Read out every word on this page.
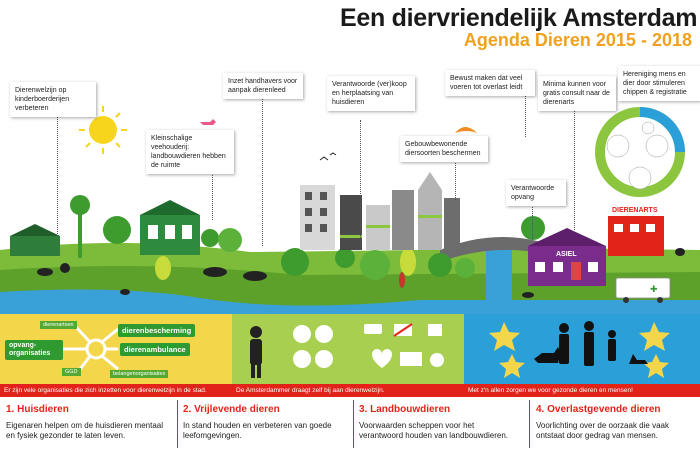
Een diervriendelijk Amsterdam
Agenda Dieren 2015 - 2018
ASIEL
DIERENARTS
✚
Dierenwelzijn op kinderboerderijen verbeteren
Kleinschalige veehouderij: landbouwdieren hebben de ruimte
Inzet handhavers voor aanpak dierenleed
Verantwoorde (ver)koop en herplaatsing van huisdieren
Gebouwbewonende diersoorten beschermen
Bewust maken dat veel voeren tot overlast leidt
Verantwoorde opvang
Minima kunnen voor gratis consult naar de dierenarts
Hereniging mens en dier door stimuleren chippen & registratie
dierenartsen
opvang-organisaties
dierenbescherming
dierenambulance
GGD	belangenorganisaties
Er zijn vele organisaties die zich inzetten voor dierenwelzijn in de stad.	De Amsterdammer draagt zelf bij aan dierenwelzijn.	Met z'n allen zorgen we voor gezonde dieren en mensen!
1. Huisdieren
Eigenaren helpen om de huisdieren mentaal en fysiek gezonder te laten leven.
2. Vrijlevende dieren
In stand houden en verbeteren van goede leefomgevingen.
3. Landbouwdieren
Voorwaarden scheppen voor het verantwoord houden van landbouwdieren.
4. Overlastgevende dieren
Voorlichting over de oorzaak die vaak ontstaat door gedrag van mensen.
